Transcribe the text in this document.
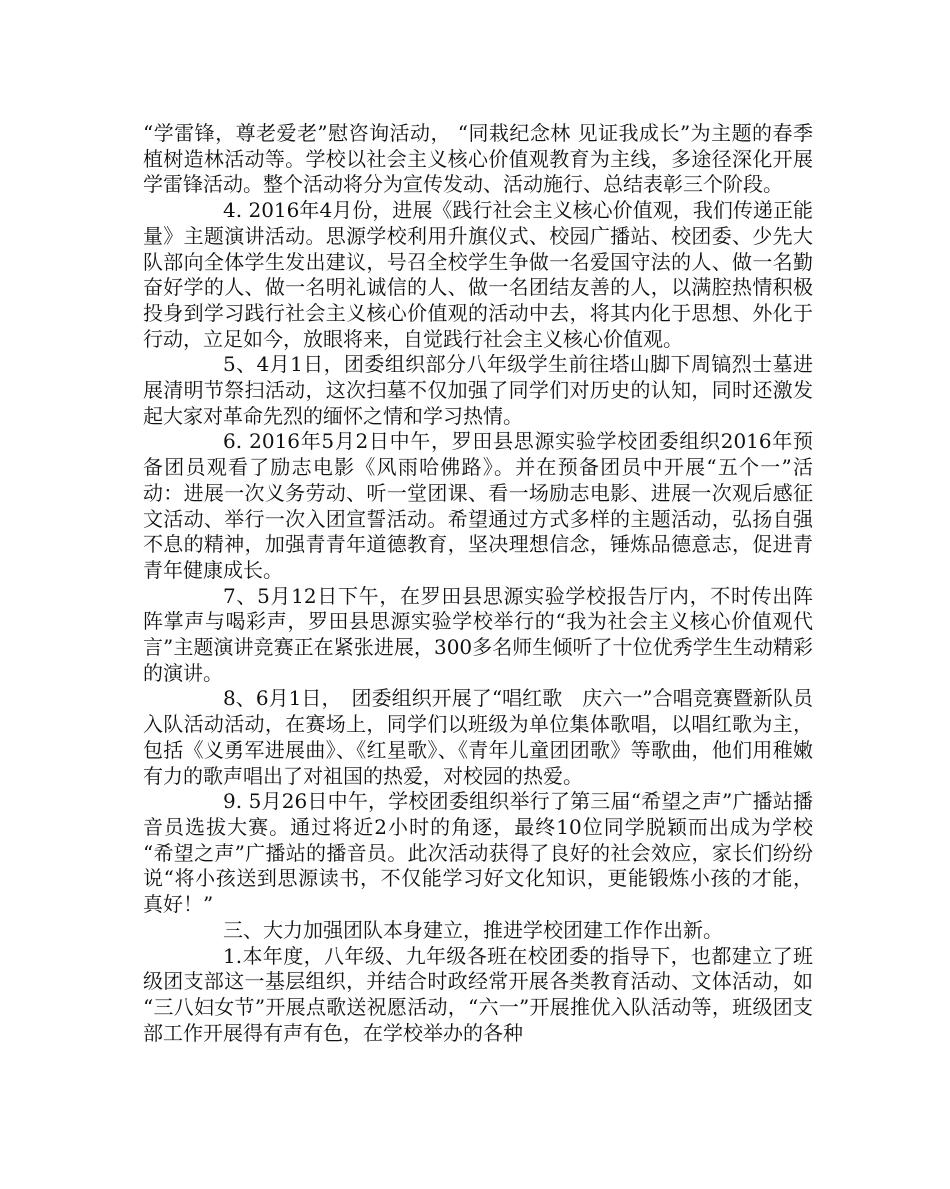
“学雷锋，尊老爱老”慰咨询活动， “同栽纪念林 见证我成长”为主题的春季植树造林活动等。学校以社会主义核心价值观教育为主线，多途径深化开展学雷锋活动。整个活动将分为宣传发动、活动施行、总结表彰三个阶段。

4. 2016年4月份，进展《践行社会主义核心价值观，我们传递正能量》主题演讲活动。思源学校利用升旗仪式、校园广播站、校团委、少先大队部向全体学生发出建议，号召全校学生争做一名爱国守法的人、做一名勤奋好学的人、做一名明礼诚信的人、做一名团结友善的人，以满腔热情积极投身到学习践行社会主义核心价值观的活动中去，将其内化于思想、外化于行动，立足如今，放眼将来，自觉践行社会主义核心价值观。

5、4月1日，团委组织部分八年级学生前往塔山脚下周镐烈士墓进展清明节祭扫活动，这次扫墓不仅加强了同学们对历史的认知，同时还激发起大家对革命先烈的缅怀之情和学习热情。

6. 2016年5月2日中午，罗田县思源实验学校团委组织2016年预备团员观看了励志电影《风雨哈佛路》。并在预备团员中开展“五个一”活动：进展一次义务劳动、听一堂团课、看一场励志电影、进展一次观后感征文活动、举行一次入团宣誓活动。希望通过方式多样的主题活动，弘扬自强不息的精神，加强青青年道德教育，坚决理想信念，锤炼品德意志，促进青青年健康成长。

7、5月12日下午，在罗田县思源实验学校报告厅内，不时传出阵阵掌声与喝彩声，罗田县思源实验学校举行的“我为社会主义核心价值观代言”主题演讲竞赛正在紧张进展，300多名师生倾听了十位优秀学生生动精彩的演讲。

8、6月1日，　团委组织开展了“唱红歌　庆六一”合唱竞赛暨新队员入队活动活动，在赛场上，同学们以班级为单位集体歌唱，以唱红歌为主，包括《义勇军进展曲》、《红星歌》、《青年儿童团团歌》等歌曲，他们用稚嫩有力的歌声唱出了对祖国的热爱，对校园的热爱。

9. 5月26日中午，学校团委组织举行了第三届“希望之声”广播站播音员选拔大赛。通过将近2小时的角逐，最终10位同学脱颖而出成为学校 “希望之声”广播站的播音员。此次活动获得了良好的社会效应，家长们纷纷说“将小孩送到思源读书，不仅能学习好文化知识，更能锻炼小孩的才能，真好！”

三、大力加强团队本身建立，推进学校团建工作作出新。

1.本年度，八年级、九年级各班在校团委的指导下，也都建立了班级团支部这一基层组织，并结合时政经常开展各类教育活动、文体活动，如 “三八妇女节”开展点歌送祝愿活动，“六一”开展推优入队活动等，班级团支部工作开展得有声有色，在学校举办的各种
